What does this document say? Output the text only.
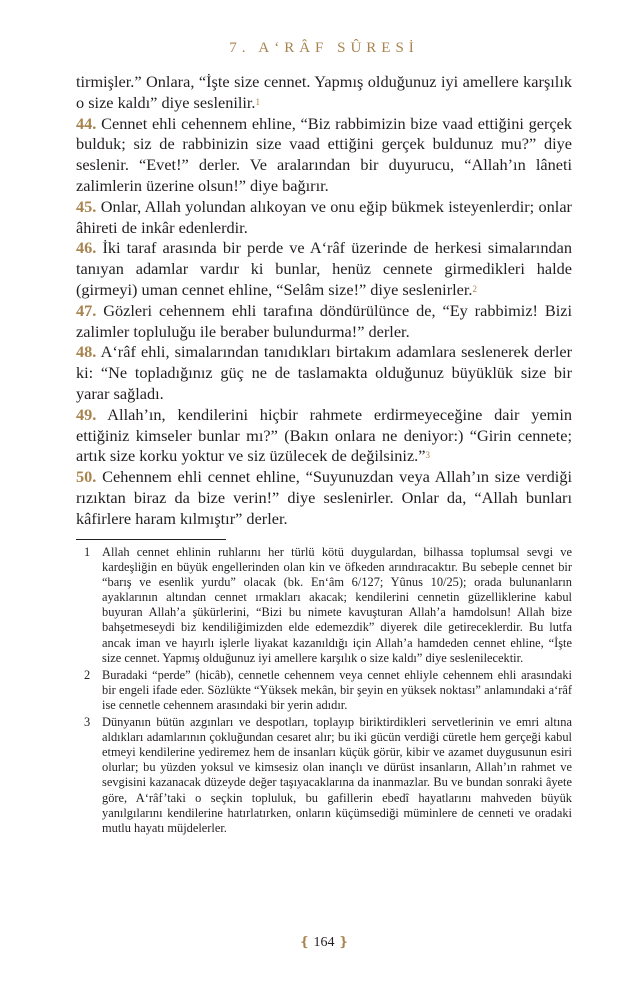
7. A‘RÂF SÛRESİ

tirmişler.” Onlara, “İşte size cennet. Yapmış olduğunuz iyi amellere karşılık o size kaldı” diye seslenilir.$^1$

44. Cennet ehli cehennem ehline, “Biz rabbimizin bize vaad ettiğini gerçek bulduk; siz de rabbinizin size vaad ettiğini gerçek buldunuz mu?” diye seslenir. “Evet!” derler. Ve aralarından bir duyurucu, “Allah’ın lâneti zalimlerin üzerine olsun!” diye bağırır.

45. Onlar, Allah yolundan alıkoyan ve onu eğip bükmek isteyenlerdir; onlar âhireti de inkâr edenlerdir.

46. İki taraf arasında bir perde ve A‘râf üzerinde de herkesi simalarından tanıyan adamlar vardır ki bunlar, henüz cennete girmedikleri halde (girmeyi) uman cennet ehline, “Selâm size!” diye seslenirler.$^2$

47. Gözleri cehennem ehli tarafına döndürülünce de, “Ey rabbimiz! Bizi zalimler topluluğu ile beraber bulundurma!” derler.

48. A‘râf ehli, simalarından tanıdıkları birtakım adamlara seslenerek derler ki: “Ne topladığınız güç ne de taslamakta olduğunuz büyüklük size bir yarar sağladı.

49. Allah’ın, kendilerini hiçbir rahmete erdirmeyeceğine dair yemin ettiğiniz kimseler bunlar mı?” (Bakın onlara ne deniyor:) “Girin cennete; artık size korku yoktur ve siz üzülecek de değilsiniz.”$^3$

50. Cehennem ehli cennet ehline, “Suyunuzdan veya Allah’ın size verdiği rızıktan biraz da bize verin!” diye seslenirler. Onlar da, “Allah bunları kâfirlere haram kılmıştır” derler.

1 Allah cennet ehlinin ruhlarını her türlü kötü duygulardan, bilhassa toplumsal sevgi ve kardeşliğin en büyük engellerinden olan kin ve öfkeden arındıracaktır. Bu sebeple cennet bir “barış ve esenlik yurdu” olacak (bk. En‘âm 6/127; Yûnus 10/25); orada bulunanların ayaklarının altından cennet ırmakları akacak; kendilerini cennetin güzelliklerine kabul buyuran Allah’a şükürlerini, “Bizi bu nimete kavuşturan Allah’a hamdolsun! Allah bize bahşetmeseydi biz kendiliğimizden elde edemezdik” diyerek dile getireceklerdir. Bu lutfa ancak iman ve hayırlı işlerle liyakat kazanıldığı için Allah’a hamdeden cennet ehline, “İşte size cennet. Yapmış olduğunuz iyi amellere karşılık o size kaldı” diye seslenilecektir.
2 Buradaki “perde” (hicâb), cennetle cehennem veya cennet ehliyle cehennem ehli arasındaki bir engeli ifade eder. Sözlükte “Yüksek mekân, bir şeyin en yüksek noktası” anlamındaki a‘râf ise cennetle cehennem arasındaki bir yerin adıdır.
3 Dünyanın bütün azgınları ve despotları, toplayıp biriktirdikleri servetlerinin ve emri altına aldıkları adamlarının çokluğundan cesaret alır; bu iki gücün verdiği cüretle hem gerçeği kabul etmeyi kendilerine yediremez hem de insanları küçük görür, kibir ve azamet duygusunun esiri olurlar; bu yüzden yoksul ve kimsesiz olan inançlı ve dürüst insanların, Allah’ın rahmet ve sevgisini kazanacak düzeyde değer taşıyacaklarına da inanmazlar. Bu ve bundan sonraki âyete göre, A‘râf’taki o seçkin topluluk, bu gafillerin ebedî hayatlarını mahveden büyük yanılgılarını kendilerine hatırlatırken, onların küçümsediği müminlere de cenneti ve oradaki mutlu hayatı müjdelerler.
❴ 164 ❵
